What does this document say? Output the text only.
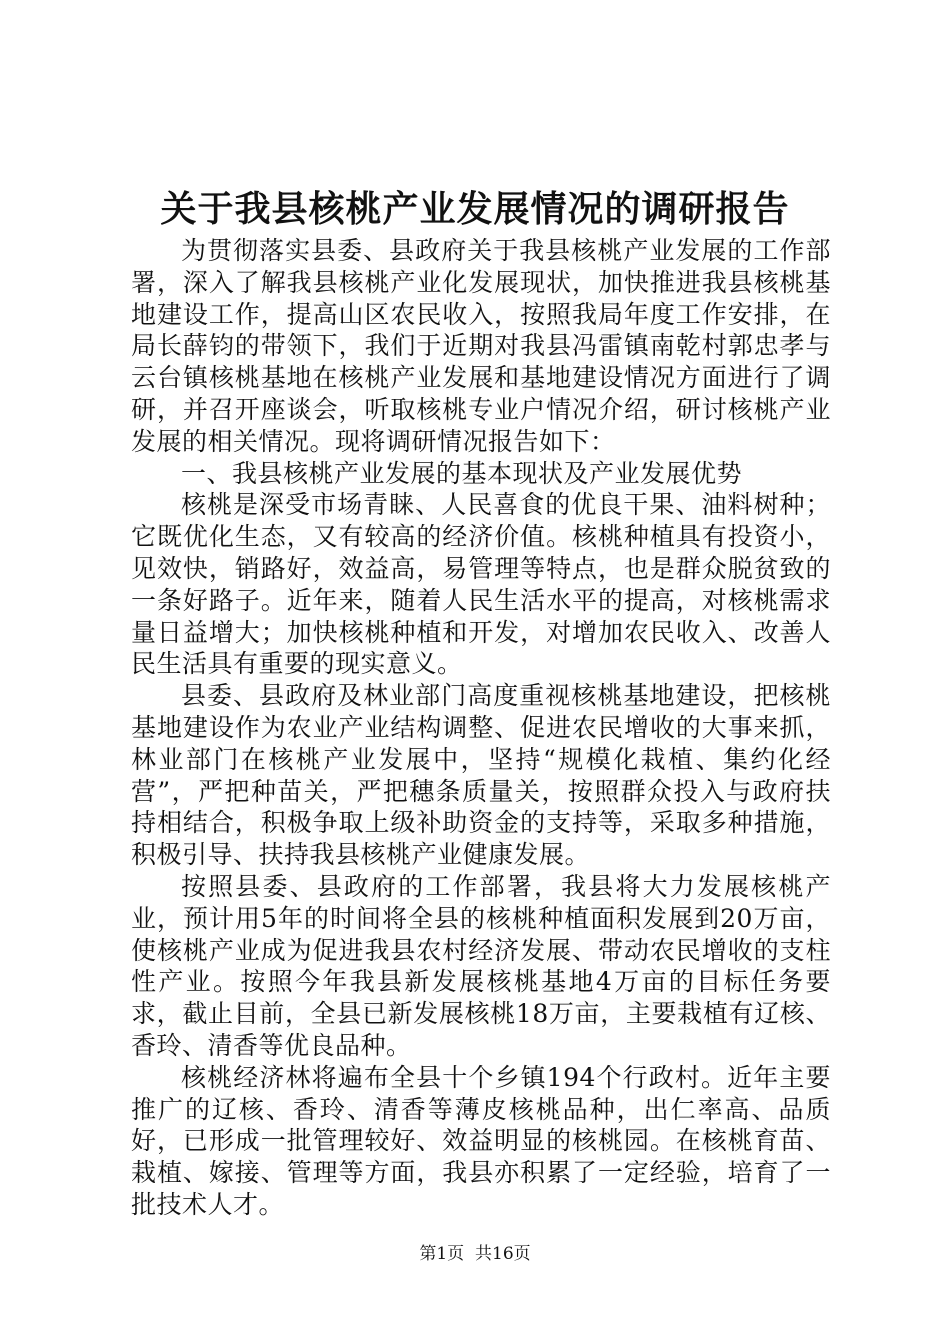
关于我县核桃产业发展情况的调研报告

为贯彻落实县委、县政府关于我县核桃产业发展的工作部署，深入了解我县核桃产业化发展现状，加快推进我县核桃基地建设工作，提高山区农民收入，按照我局年度工作安排，在局长薛钧的带领下，我们于近期对我县冯雷镇南乾村郭忠孝与云台镇核桃基地在核桃产业发展和基地建设情况方面进行了调研，并召开座谈会，听取核桃专业户情况介绍，研讨核桃产业发展的相关情况。现将调研情况报告如下：

一、我县核桃产业发展的基本现状及产业发展优势

核桃是深受市场青睐、人民喜食的优良干果、油料树种；它既优化生态，又有较高的经济价值。核桃种植具有投资小，见效快，销路好，效益高，易管理等特点，也是群众脱贫致的一条好路子。近年来，随着人民生活水平的提高，对核桃需求量日益增大；加快核桃种植和开发，对增加农民收入、改善人民生活具有重要的现实意义。

县委、县政府及林业部门高度重视核桃基地建设，把核桃基地建设作为农业产业结构调整、促进农民增收的大事来抓，林业部门在核桃产业发展中，坚持“规模化栽植、集约化经营”，严把种苗关，严把穗条质量关，按照群众投入与政府扶持相结合，积极争取上级补助资金的支持等，采取多种措施，积极引导、扶持我县核桃产业健康发展。

按照县委、县政府的工作部署，我县将大力发展核桃产业，预计用5年的时间将全县的核桃种植面积发展到20万亩，使核桃产业成为促进我县农村经济发展、带动农民增收的支柱性产业。按照今年我县新发展核桃基地4万亩的目标任务要求，截止目前，全县已新发展核桃18万亩，主要栽植有辽核、香玲、清香等优良品种。

核桃经济林将遍布全县十个乡镇194个行政村。近年主要推广的辽核、香玲、清香等薄皮核桃品种，出仁率高、品质好，已形成一批管理较好、效益明显的核桃园。在核桃育苗、栽植、嫁接、管理等方面，我县亦积累了一定经验，培育了一批技术人才。

第1页 共16页
